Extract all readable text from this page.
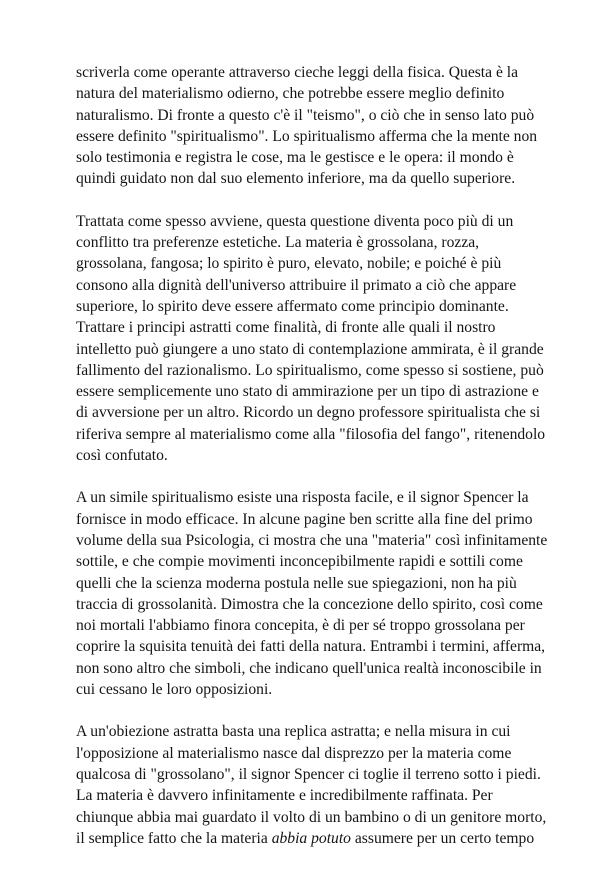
scriverla come operante attraverso cieche leggi della fisica. Questa è la
natura del materialismo odierno, che potrebbe essere meglio definito
naturalismo. Di fronte a questo c'è il "teismo", o ciò che in senso lato può
essere definito "spiritualismo". Lo spiritualismo afferma che la mente non
solo testimonia e registra le cose, ma le gestisce e le opera: il mondo è
quindi guidato non dal suo elemento inferiore, ma da quello superiore.
Trattata come spesso avviene, questa questione diventa poco più di un
conflitto tra preferenze estetiche. La materia è grossolana, rozza,
grossolana, fangosa; lo spirito è puro, elevato, nobile; e poiché è più
consono alla dignità dell'universo attribuire il primato a ciò che appare
superiore, lo spirito deve essere affermato come principio dominante.
Trattare i principi astratti come finalità, di fronte alle quali il nostro
intelletto può giungere a uno stato di contemplazione ammirata, è il grande
fallimento del razionalismo. Lo spiritualismo, come spesso si sostiene, può
essere semplicemente uno stato di ammirazione per un tipo di astrazione e
di avversione per un altro. Ricordo un degno professore spiritualista che si
riferiva sempre al materialismo come alla "filosofia del fango", ritenendolo
così confutato.
A un simile spiritualismo esiste una risposta facile, e il signor Spencer la
fornisce in modo efficace. In alcune pagine ben scritte alla fine del primo
volume della sua Psicologia, ci mostra che una "materia" così infinitamente
sottile, e che compie movimenti inconcepibilmente rapidi e sottili come
quelli che la scienza moderna postula nelle sue spiegazioni, non ha più
traccia di grossolanità. Dimostra che la concezione dello spirito, così come
noi mortali l'abbiamo finora concepita, è di per sé troppo grossolana per
coprire la squisita tenuità dei fatti della natura. Entrambi i termini, afferma,
non sono altro che simboli, che indicano quell'unica realtà inconoscibile in
cui cessano le loro opposizioni.
A un'obiezione astratta basta una replica astratta; e nella misura in cui
l'opposizione al materialismo nasce dal disprezzo per la materia come
qualcosa di "grossolano", il signor Spencer ci toglie il terreno sotto i piedi.
La materia è davvero infinitamente e incredibilmente raffinata. Per
chiunque abbia mai guardato il volto di un bambino o di un genitore morto,
il semplice fatto che la materia abbia potuto assumere per un certo tempo
